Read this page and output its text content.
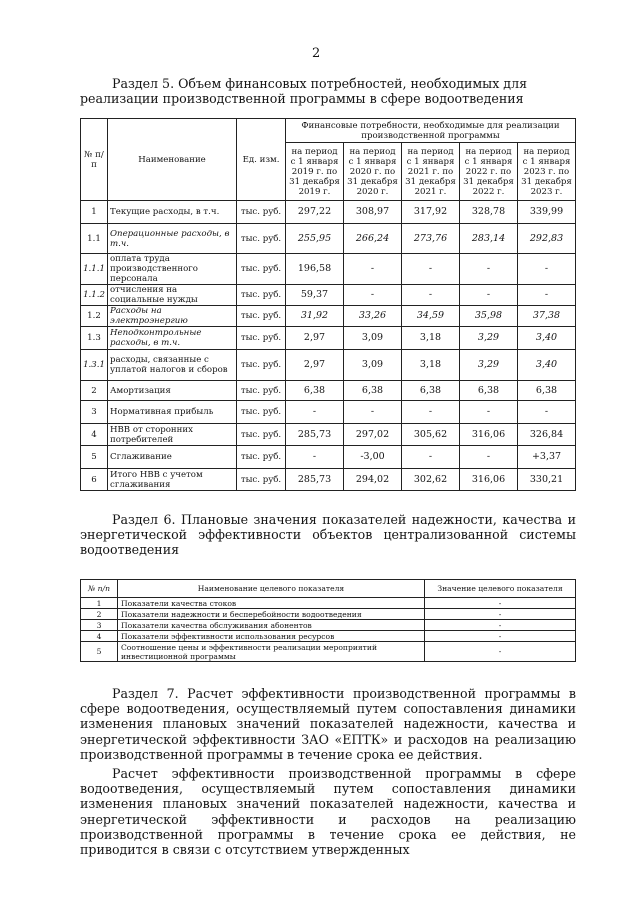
2
Раздел 5. Объем финансовых потребностей, необходимых для реализации производственной программы в сфере водоотведения
№ п/п	Наименование	Ед. изм.	Финансовые потребности, необходимые для реализации производственной программы				
			на период с 1 января 2019 г. по 31 декабря 2019 г.	на период с 1 января 2020 г. по 31 декабря 2020 г.	на период с 1 января 2021 г. по 31 декабря 2021 г.	на период с 1 января 2022 г. по 31 декабря 2022 г.	на период с 1 января 2023 г. по 31 декабря 2023 г.
1	Текущие расходы, в т.ч.	тыс. руб.	297,22	308,97	317,92	328,78	339,99
1.1	Операционные расходы, в т.ч.	тыс. руб.	255,95	266,24	273,76	283,14	292,83
1.1.1	оплата труда производственного персонала	тыс. руб.	196,58	-	-	-	-
1.1.2	отчисления на социальные нужды	тыс. руб.	59,37	-	-	-	-
1.2	Расходы на электроэнергию	тыс. руб.	31,92	33,26	34,59	35,98	37,38
1.3	Неподконтрольные расходы, в т.ч.	тыс. руб.	2,97	3,09	3,18	3,29	3,40
1.3.1	расходы, связанные с уплатой налогов и сборов	тыс. руб.	2,97	3,09	3,18	3,29	3,40
2	Амортизация	тыс. руб.	6,38	6,38	6,38	6,38	6,38
3	Нормативная прибыль	тыс. руб.	-	-	-	-	-
4	НВВ от сторонних потребителей	тыс. руб.	285,73	297,02	305,62	316,06	326,84
5	Сглаживание	тыс. руб.	-	-3,00	-	-	+3,37
6	Итого НВВ с учетом сглаживания	тыс. руб.	285,73	294,02	302,62	316,06	330,21
Раздел 6. Плановые значения показателей надежности, качества и энергетической эффективности объектов централизованной системы водоотведения
№ п/п	Наименование целевого показателя	Значение целевого показателя
1	Показатели качества стоков	-
2	Показатели надежности и бесперебойности водоотведения	-
3	Показатели качества обслуживания абонентов	-
4	Показатели эффективности использования ресурсов	-
5	Соотношение цены и эффективности реализации мероприятий инвестиционной программы	-
Раздел 7. Расчет эффективности производственной программы в сфере водоотведения, осуществляемый путем сопоставления динамики изменения плановых значений показателей надежности, качества и энергетической эффективности ЗАО «ЕПТК» и расходов на реализацию производственной программы в течение срока ее действия.
Расчет эффективности производственной программы в сфере водоотведения, осуществляемый путем сопоставления динамики изменения плановых значений показателей надежности, качества и энергетической эффективности и расходов на реализацию производственной программы в течение срока ее действия, не приводится в связи с отсутствием утвержденных
